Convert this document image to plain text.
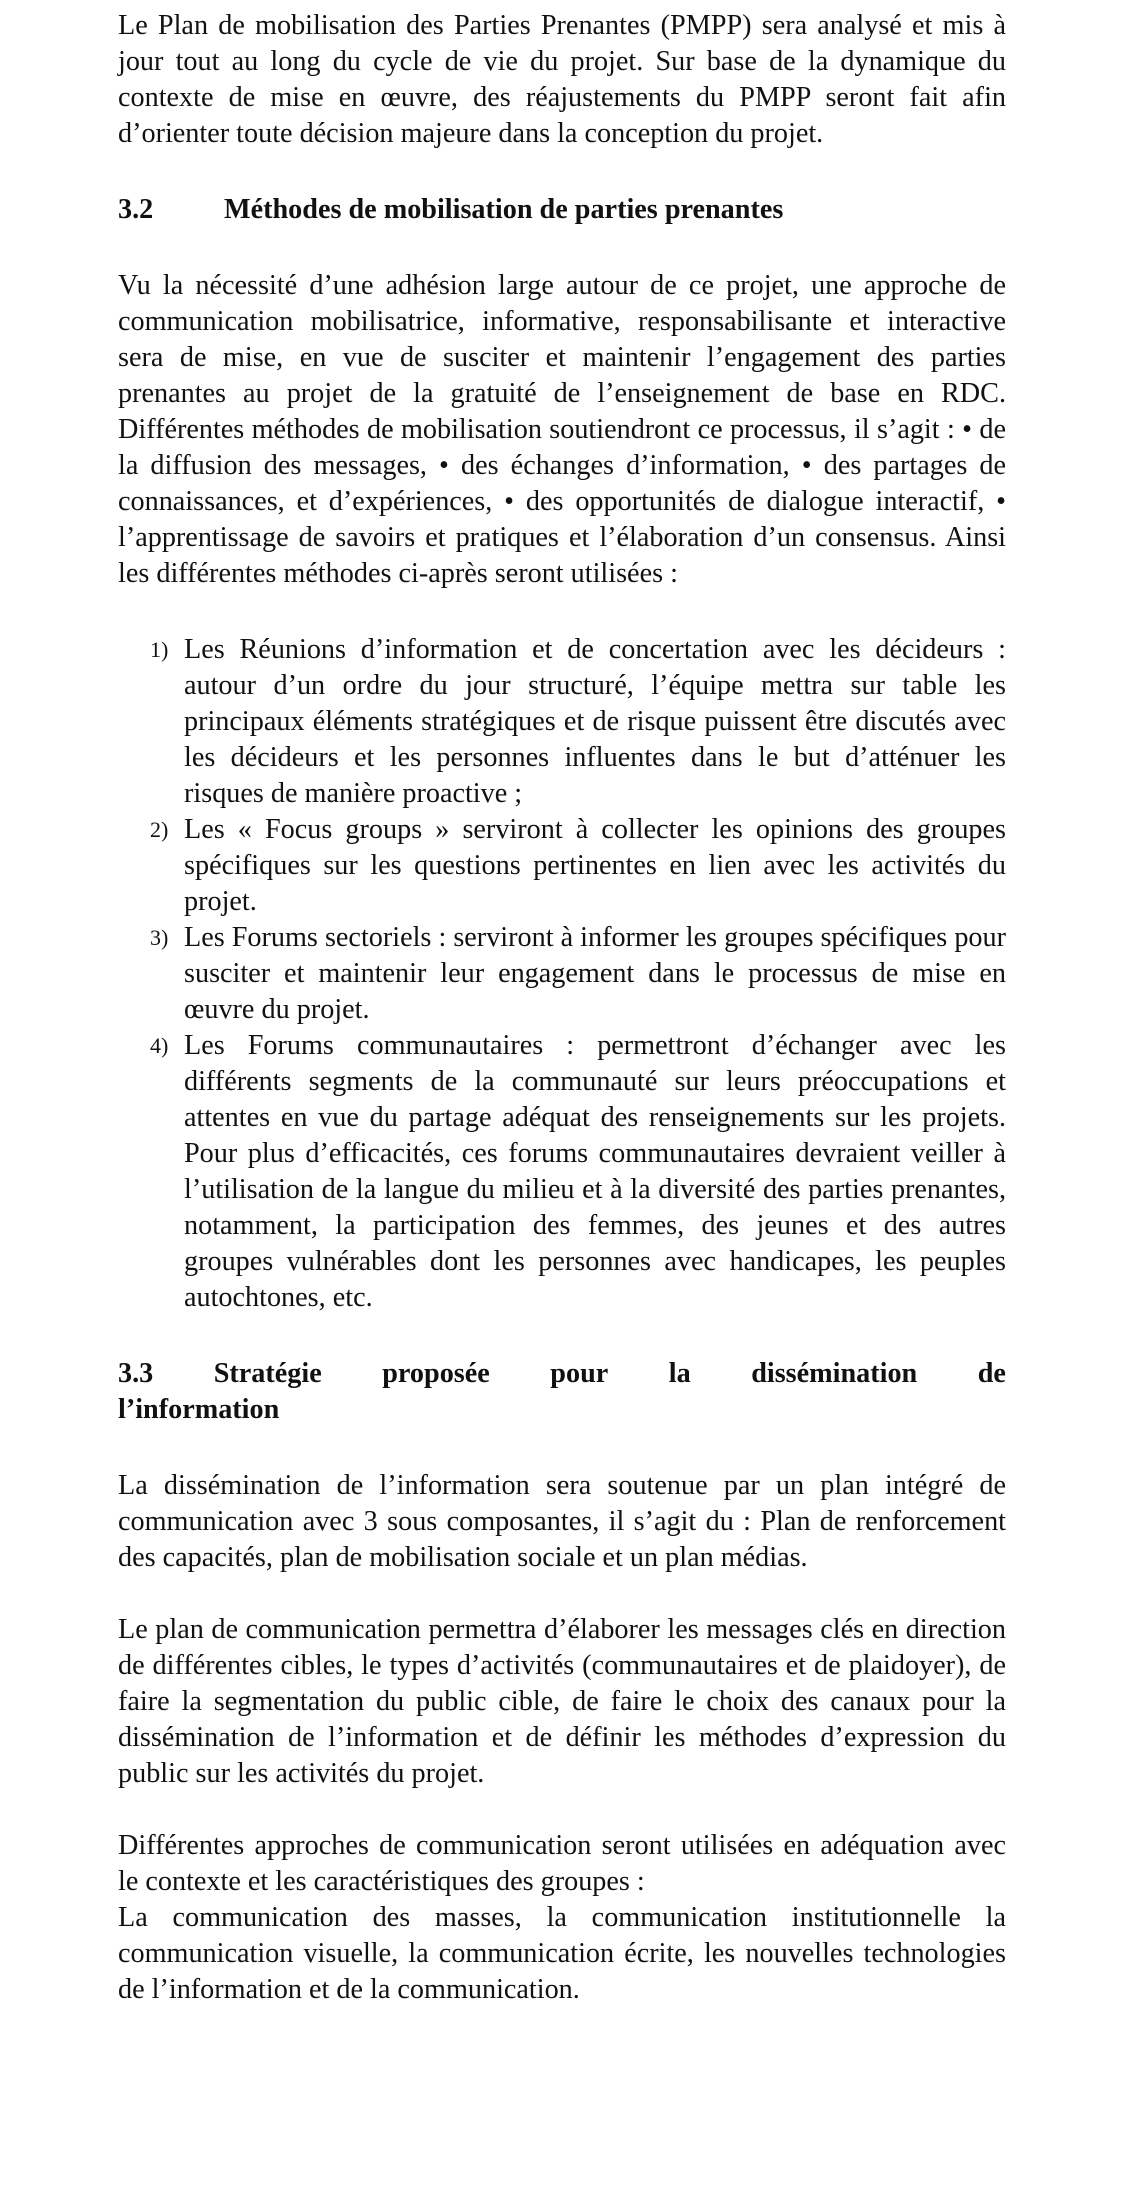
Le Plan de mobilisation des Parties Prenantes (PMPP) sera analysé et mis à jour tout au long du cycle de vie du projet. Sur base de la dynamique du contexte de mise en œuvre, des réajustements du PMPP seront fait afin d’orienter toute décision majeure dans la conception du projet.

3.2	Méthodes de mobilisation de parties prenantes

Vu la nécessité d’une adhésion large autour de ce projet, une approche de communication mobilisatrice, informative, responsabilisante et interactive sera de mise, en vue de susciter et maintenir l’engagement des parties prenantes au projet de la gratuité de l’enseignement de base en RDC. Différentes méthodes de mobilisation soutiendront ce processus, il s’agit : • de la diffusion des messages, • des échanges d’information, • des partages de connaissances, et d’expériences, • des opportunités de dialogue interactif, • l’apprentissage de savoirs et pratiques et l’élaboration d’un consensus. Ainsi les différentes méthodes ci-après seront utilisées :

1) Les Réunions d’information et de concertation avec les décideurs : autour d’un ordre du jour structuré, l’équipe mettra sur table les principaux éléments stratégiques et de risque puissent être discutés avec les décideurs et les personnes influentes dans le but d’atténuer les risques de manière proactive ;
2) Les « Focus groups » serviront à collecter les opinions des groupes spécifiques sur les questions pertinentes en lien avec les activités du projet.
3) Les Forums sectoriels : serviront à informer les groupes spécifiques pour susciter et maintenir leur engagement dans le processus de mise en œuvre du projet.
4) Les Forums communautaires : permettront d’échanger avec les différents segments de la communauté sur leurs préoccupations et attentes en vue du partage adéquat des renseignements sur les projets. Pour plus d’efficacités, ces forums communautaires devraient veiller à l’utilisation de la langue du milieu et à la diversité des parties prenantes, notamment, la participation des femmes, des jeunes et des autres groupes vulnérables dont les personnes avec handicapes, les peuples autochtones, etc.
3.3 Stratégie proposée pour la dissémination de
l’information

La dissémination de l’information sera soutenue par un plan intégré de communication avec 3 sous composantes, il s’agit du : Plan de renforcement des capacités, plan de mobilisation sociale et un plan médias.

Le plan de communication permettra d’élaborer les messages clés en direction de différentes cibles, le types d’activités (communautaires et de plaidoyer), de faire la segmentation du public cible, de faire le choix des canaux pour la dissémination de l’information et de définir les méthodes d’expression du public sur les activités du projet.

Différentes approches de communication seront utilisées en adéquation avec le contexte et les caractéristiques des groupes :

La communication des masses, la communication institutionnelle la communication visuelle, la communication écrite, les nouvelles technologies de l’information et de la communication.
